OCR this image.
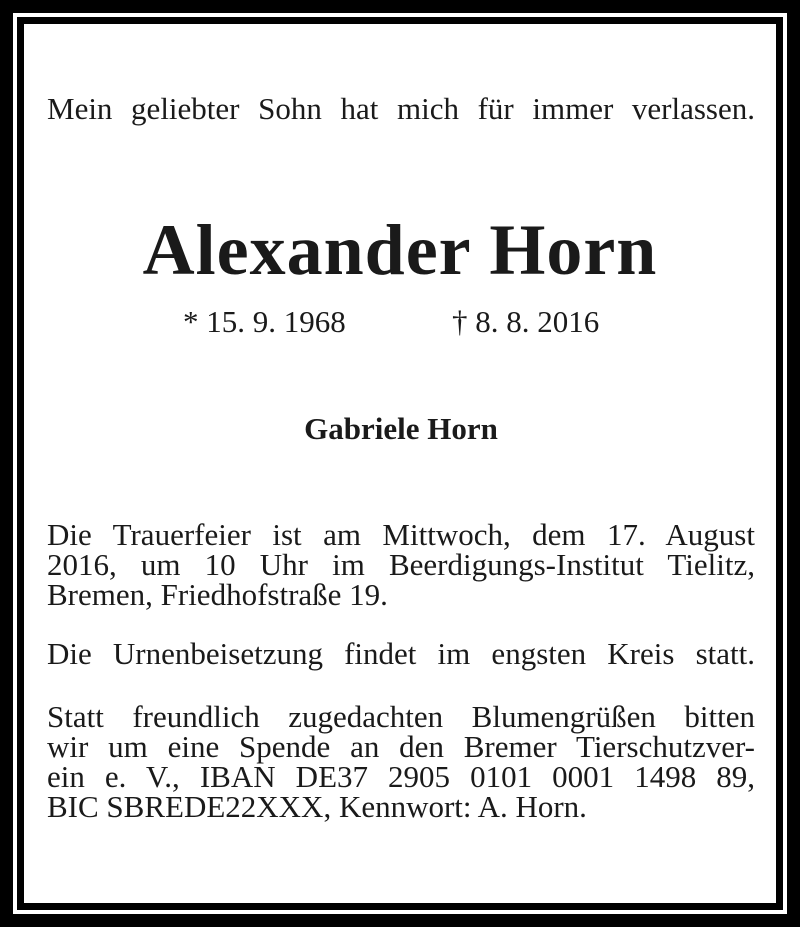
Mein geliebter Sohn hat mich für immer verlassen.
Alexander Horn
* 15. 9. 1968	† 8. 8. 2016
Gabriele Horn
Die Trauerfeier ist am Mittwoch, dem 17. August
2016, um 10 Uhr im Beerdigungs-Institut Tielitz,
Bremen, Friedhofstraße 19.
Die Urnenbeisetzung findet im engsten Kreis statt.
Statt freundlich zugedachten Blumengrüßen bitten
wir um eine Spende an den Bremer Tierschutzver-
ein e. V., IBAN DE37 2905 0101 0001 1498 89,
BIC SBREDE22XXX, Kennwort: A. Horn.
